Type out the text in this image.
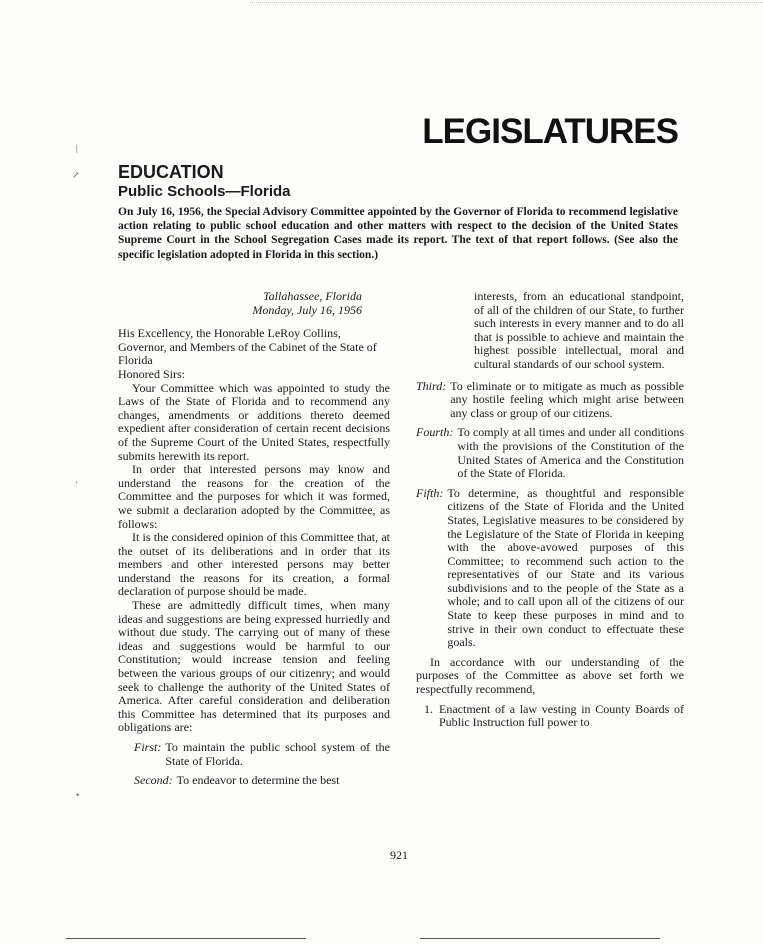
LEGISLATURES
EDUCATION
Public Schools—Florida
On July 16, 1956, the Special Advisory Committee appointed by the Governor of Florida to recommend legislative action relating to public school education and other matters with respect to the decision of the United States Supreme Court in the School Segregation Cases made its report. The text of that report follows. (See also the specific legislation adopted in Florida in this section.)

Tallahassee, Florida

Monday, July 16, 1956

His Excellency, the Honorable LeRoy Collins, Governor, and Members of the Cabinet of the State of Florida

Honored Sirs:

Your Committee which was appointed to study the Laws of the State of Florida and to recommend any changes, amendments or additions thereto deemed expedient after consideration of certain recent decisions of the Supreme Court of the United States, respectfully submits herewith its report.

In order that interested persons may know and understand the reasons for the creation of the Committee and the purposes for which it was formed, we submit a declaration adopted by the Committee, as follows:

It is the considered opinion of this Committee that, at the outset of its deliberations and in order that its members and other interested persons may better understand the reasons for its creation, a formal declaration of purpose should be made.

These are admittedly difficult times, when many ideas and suggestions are being expressed hurriedly and without due study. The carrying out of many of these ideas and suggestions would be harmful to our Constitution; would increase tension and feeling between the various groups of our citizenry; and would seek to challenge the authority of the United States of America. After careful consideration and deliberation this Committee has determined that its purposes and obligations are:

First: To maintain the public school system of the State of Florida.
Second: To endeavor to determine the best

interests, from an educational standpoint, of all of the children of our State, to further such interests in every manner and to do all that is possible to achieve and maintain the highest possible intellectual, moral and cultural standards of our school system.

Third: To eliminate or to mitigate as much as possible any hostile feeling which might arise between any class or group of our citizens.
Fourth: To comply at all times and under all conditions with the provisions of the Constitution of the United States of America and the Constitution of the State of Florida.
Fifth: To determine, as thoughtful and responsible citizens of the State of Florida and the United States, Legislative measures to be considered by the Legislature of the State of Florida in keeping with the above-avowed purposes of this Committee; to recommend such action to the representatives of our State and its various subdivisions and to the people of the State as a whole; and to call upon all of the citizens of our State to keep these purposes in mind and to strive in their own conduct to effectuate these goals.

In accordance with our understanding of the purposes of the Committee as above set forth we respectfully recommend,

1. Enactment of a law vesting in County Boards of Public Instruction full power to
921
|
↗
'
•
